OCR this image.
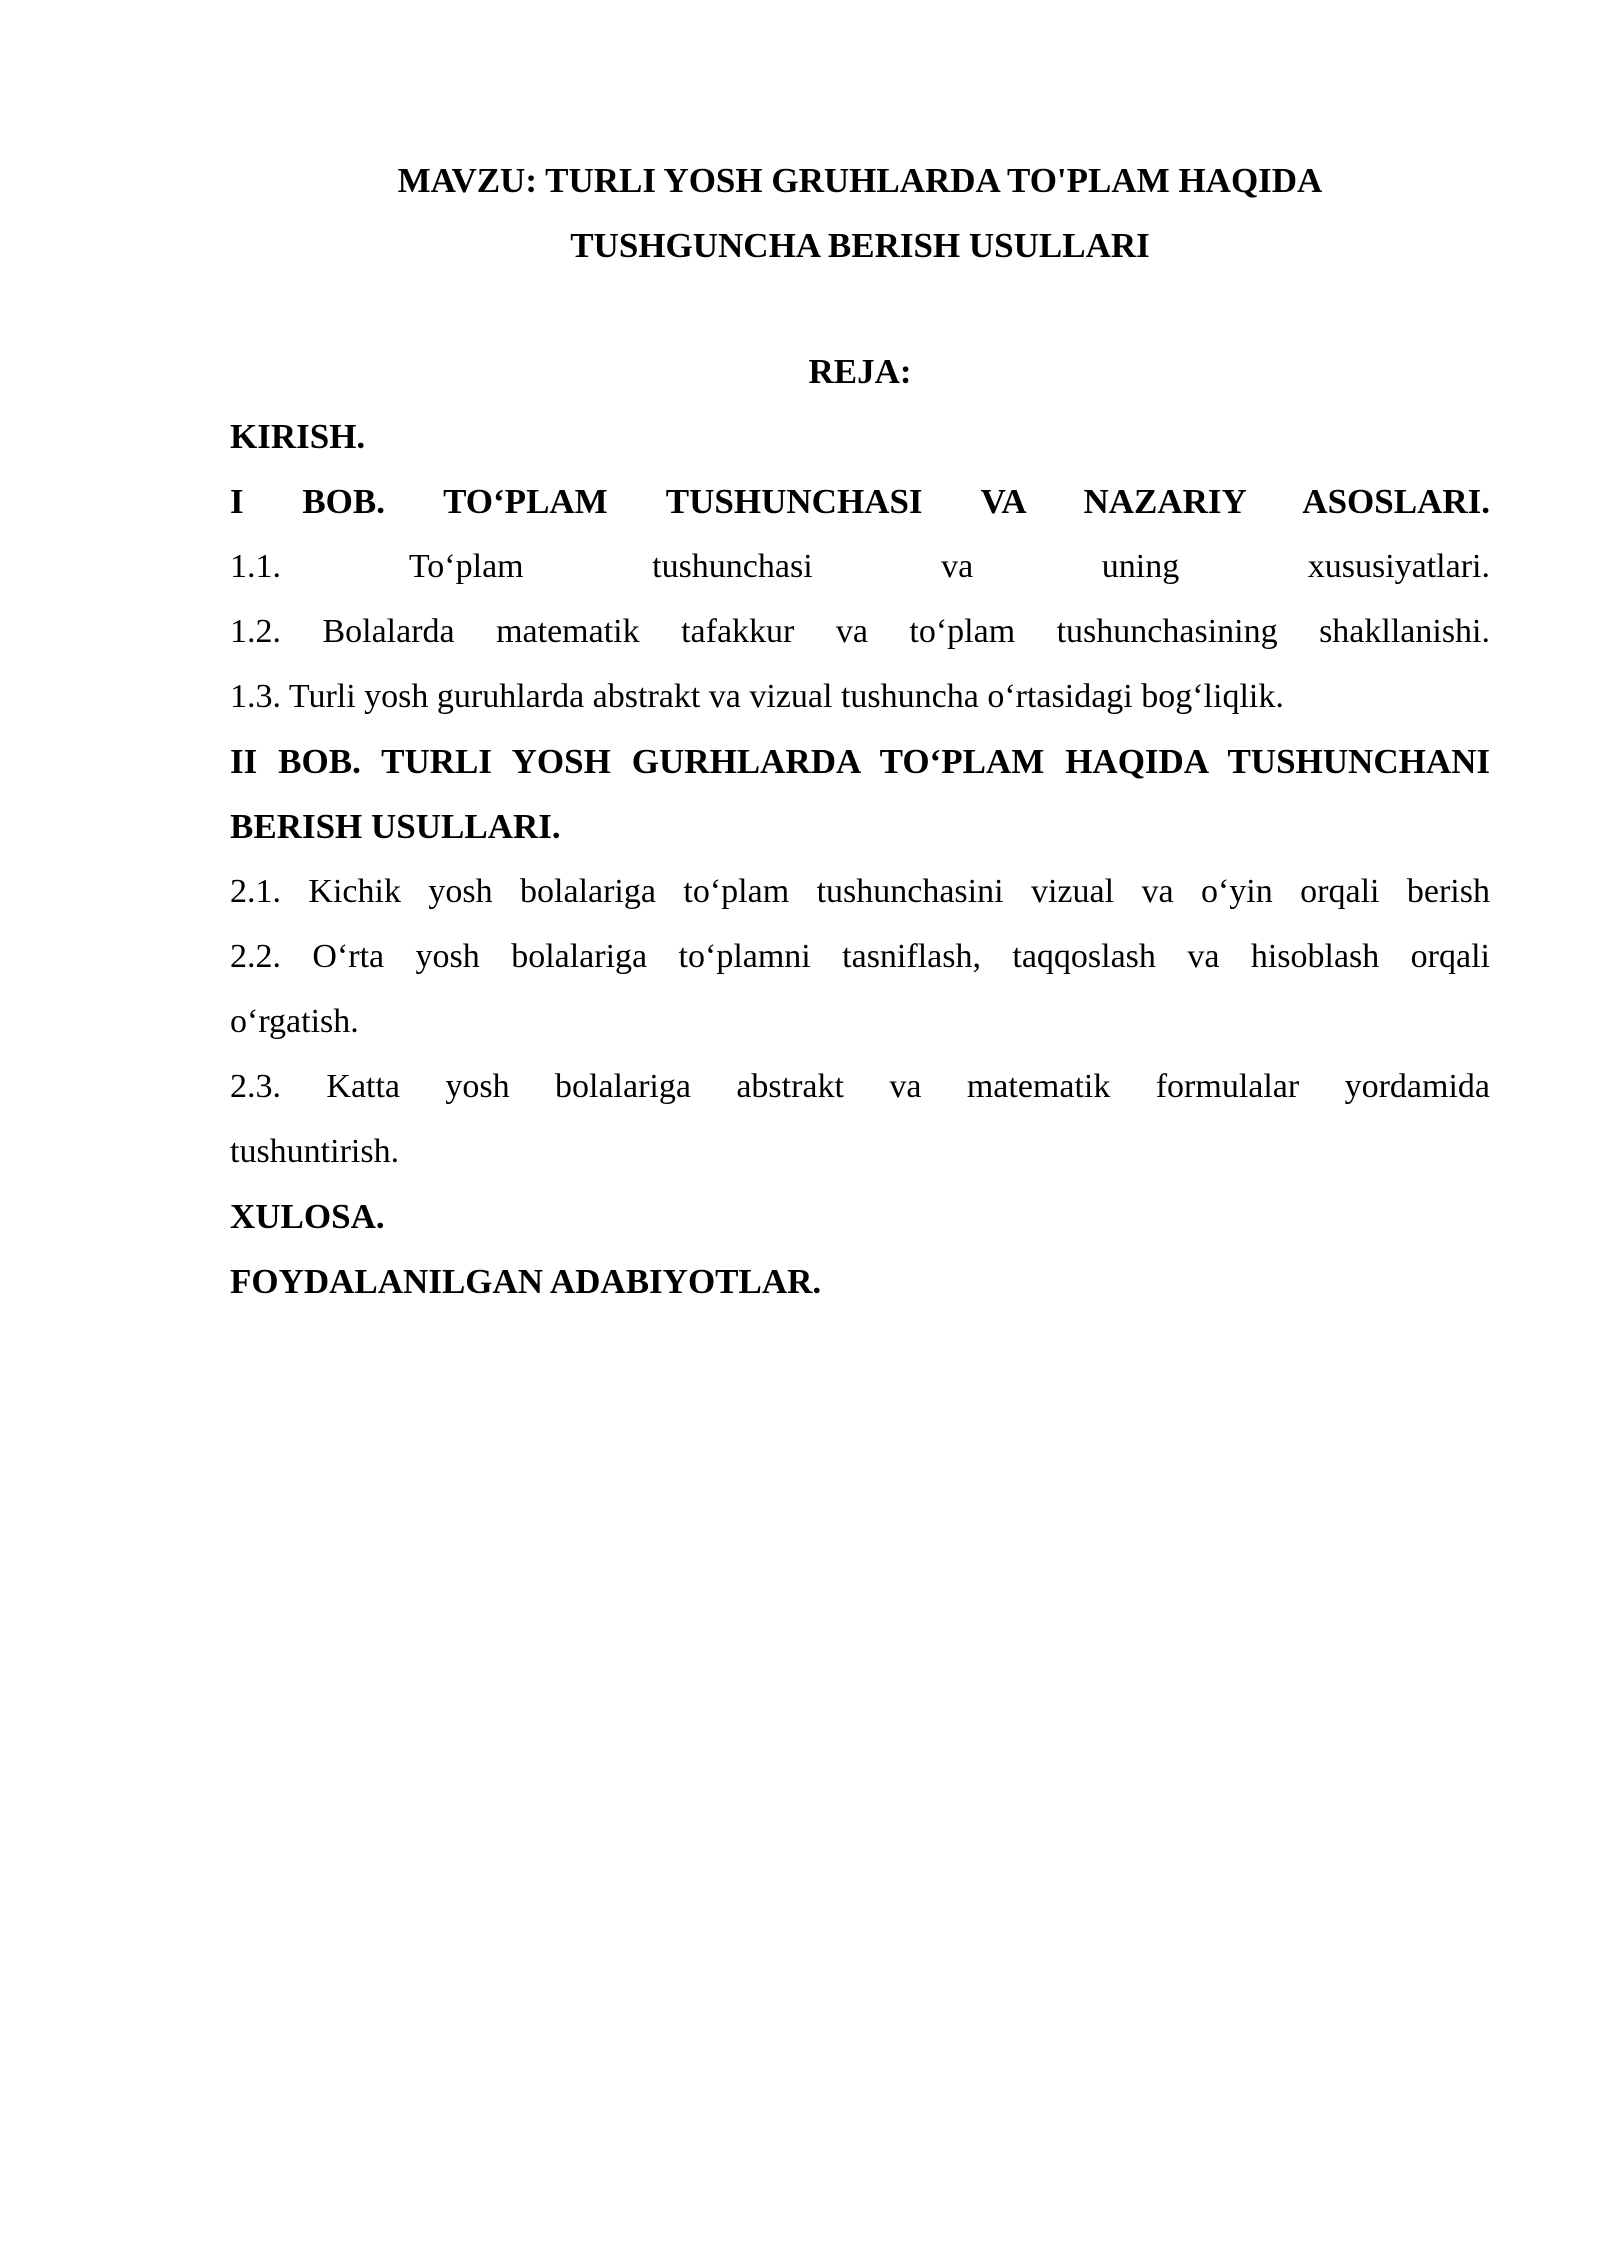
MAVZU: TURLI YOSH GRUHLARDA TO'PLAM HAQIDA
TUSHGUNCHA BERISH USULLARI
REJA:
KIRISH.
I BOB. TO‘PLAM TUSHUNCHASI VA NAZARIY ASOSLARI.
1.1. To‘plam tushunchasi va uning xususiyatlari.
1.2. Bolalarda matematik tafakkur va to‘plam tushunchasining shakllanishi.
1.3. Turli yosh guruhlarda abstrakt va vizual tushuncha o‘rtasidagi bog‘liqlik.
II BOB. TURLI YOSH GURHLARDA TO‘PLAM HAQIDA TUSHUNCHANI
BERISH USULLARI.
2.1. Kichik yosh bolalariga to‘plam tushunchasini vizual va o‘yin orqali berish
2.2. O‘rta yosh bolalariga to‘plamni tasniflash, taqqoslash va hisoblash orqali
o‘rgatish.
2.3. Katta yosh bolalariga abstrakt va matematik formulalar yordamida
tushuntirish.
XULOSA.
FOYDALANILGAN ADABIYOTLAR.
